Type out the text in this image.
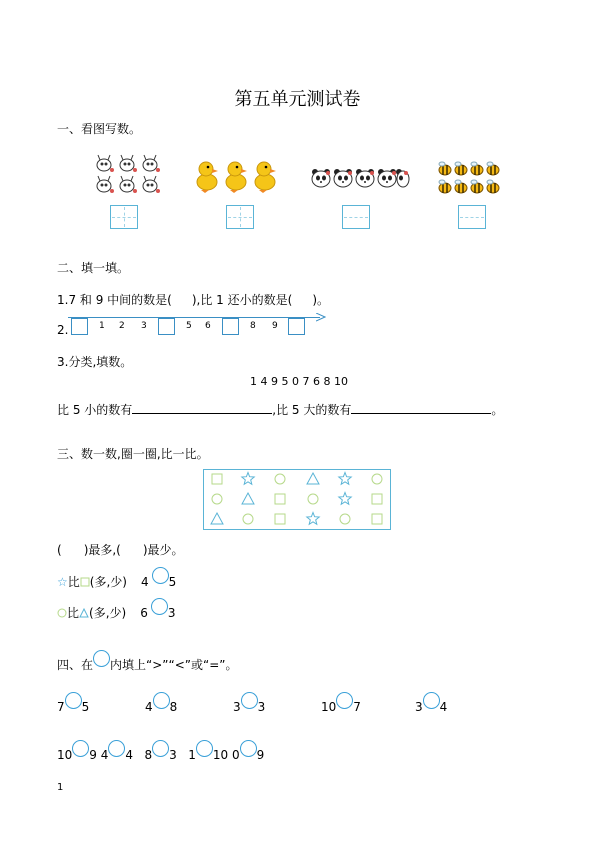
第五单元测试卷
一、看图写数。
二、填一填。
1.7 和 9 中间的数是( ),比 1 还小的数是( )。
2.	1 2 3	5 6	8 9
3.分类,填数。
1 4 9 5 0 7 6 8 10
比 5 小的数有	,比 5 大的数有	。
三、数一数,圈一圈,比一比。
( )最多,( )最少。
☆比 (多,少) 4 5
比 (多,少) 6 3
四、在 内填上“>”“<”或“=”。
7 5	4 8	3 3	10 7	3 4
10 9 4 4 8 3 1 10 0 9
1
